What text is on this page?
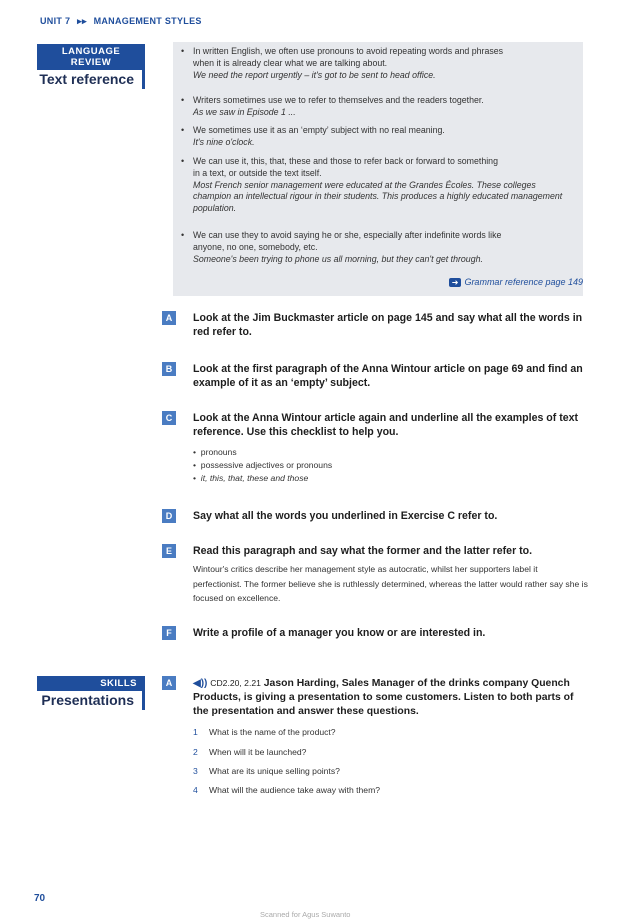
UNIT 7 ▸▸ MANAGEMENT STYLES
LANGUAGE REVIEW
Text reference
• In written English, we often use pronouns to avoid repeating words and phrases
when it is already clear what we are talking about.
We need the report urgently – it's got to be sent to head office.
• Writers sometimes use we to refer to themselves and the readers together.
As we saw in Episode 1 ...
• We sometimes use it as an ‘empty’ subject with no real meaning.
It's nine o'clock.
• We can use it, this, that, these and those to refer back or forward to something
in a text, or outside the text itself.
Most French senior management were educated at the Grandes Écoles. These colleges champion an intellectual rigour in their students. This produces a highly educated management population.
• We can use they to avoid saying he or she, especially after indefinite words like
anyone, no one, somebody, etc.
Someone's been trying to phone us all morning, but they can't get through.
➜ Grammar reference page 149
A	Look at the Jim Buckmaster article on page 145 and say what all the words in red refer to.
B	Look at the first paragraph of the Anna Wintour article on page 69 and find an example of it as an ‘empty’ subject.
C	Look at the Anna Wintour article again and underline all the examples of text reference. Use this checklist to help you.
•  pronouns
•  possessive adjectives or pronouns
•  it, this, that, these and those
D	Say what all the words you underlined in Exercise C refer to.
E	Read this paragraph and say what the former and the latter refer to.
Wintour's critics describe her management style as autocratic, whilst her supporters label it perfectionist. The former believe she is ruthlessly determined, whereas the latter would rather say she is focused on excellence.
F	Write a profile of a manager you know or are interested in.
SKILLS
Presentations
A	◀)) CD2.20, 2.21 Jason Harding, Sales Manager of the drinks company Quench Products, is giving a presentation to some customers. Listen to both parts of the presentation and answer these questions.
1 What is the name of the product?
2 When will it be launched?
3 What are its unique selling points?
4 What will the audience take away with them?
70
Scanned for Agus Suwanto
